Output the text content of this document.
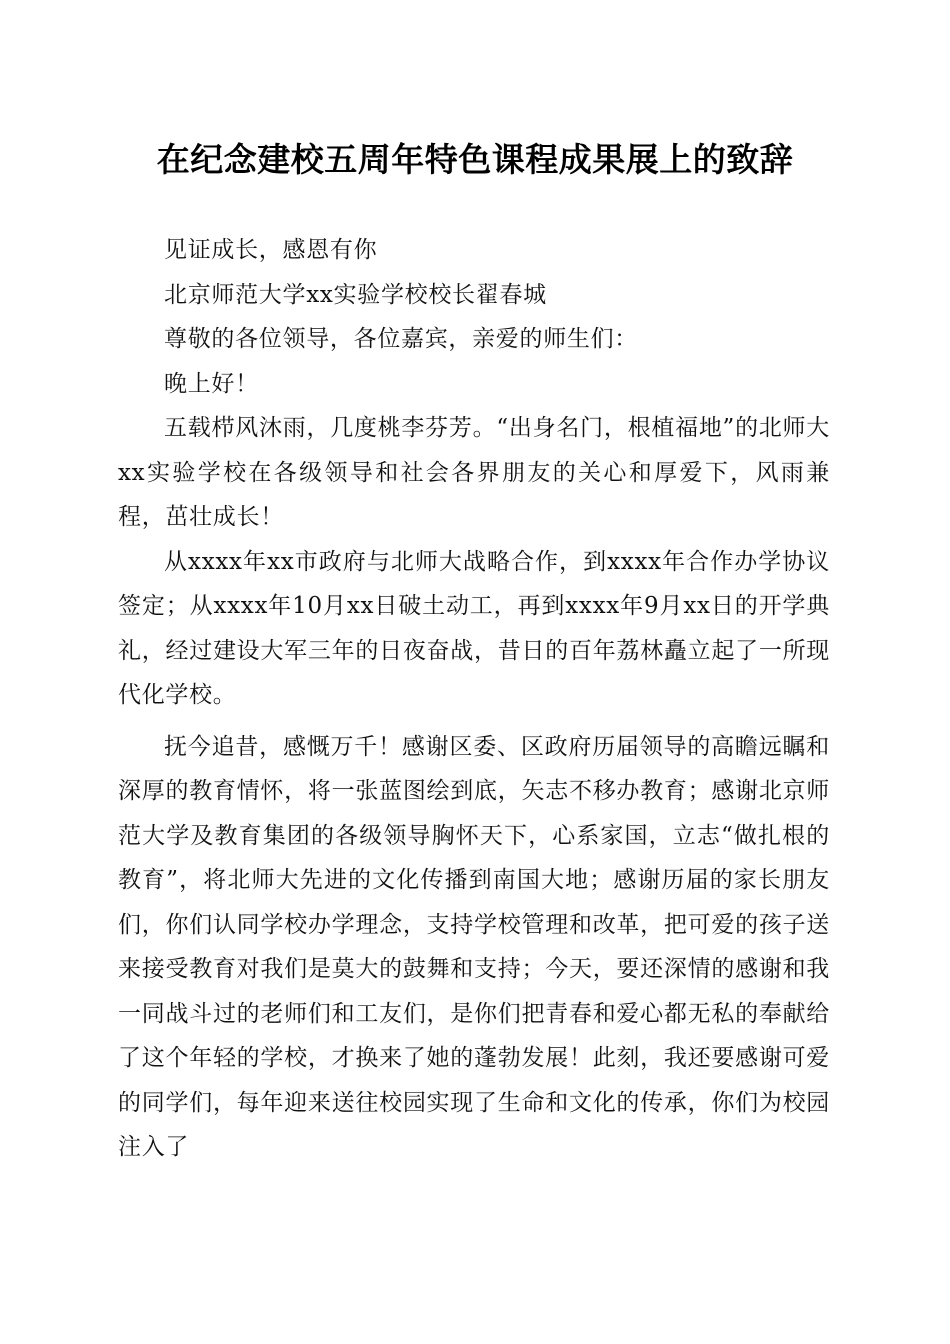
在纪念建校五周年特色课程成果展上的致辞

见证成长，感恩有你

北京师范大学xx实验学校校长翟春城

尊敬的各位领导，各位嘉宾，亲爱的师生们：

晚上好！

五载栉风沐雨，几度桃李芬芳。“出身名门，根植福地”的北师大xx实验学校在各级领导和社会各界朋友的关心和厚爱下，风雨兼程，茁壮成长！

从xxxx年xx市政府与北师大战略合作，到xxxx年合作办学协议签定；从xxxx年10月xx日破土动工，再到xxxx年9月xx日的开学典礼，经过建设大军三年的日夜奋战，昔日的百年荔林矗立起了一所现代化学校。

抚今追昔，感慨万千！感谢区委、区政府历届领导的高瞻远瞩和深厚的教育情怀，将一张蓝图绘到底，矢志不移办教育；感谢北京师范大学及教育集团的各级领导胸怀天下，心系家国，立志“做扎根的教育”，将北师大先进的文化传播到南国大地；感谢历届的家长朋友们，你们认同学校办学理念，支持学校管理和改革，把可爱的孩子送来接受教育对我们是莫大的鼓舞和支持；今天，要还深情的感谢和我一同战斗过的老师们和工友们，是你们把青春和爱心都无私的奉献给了这个年轻的学校，才换来了她的蓬勃发展！此刻，我还要感谢可爱的同学们，每年迎来送往校园实现了生命和文化的传承，你们为校园注入了
